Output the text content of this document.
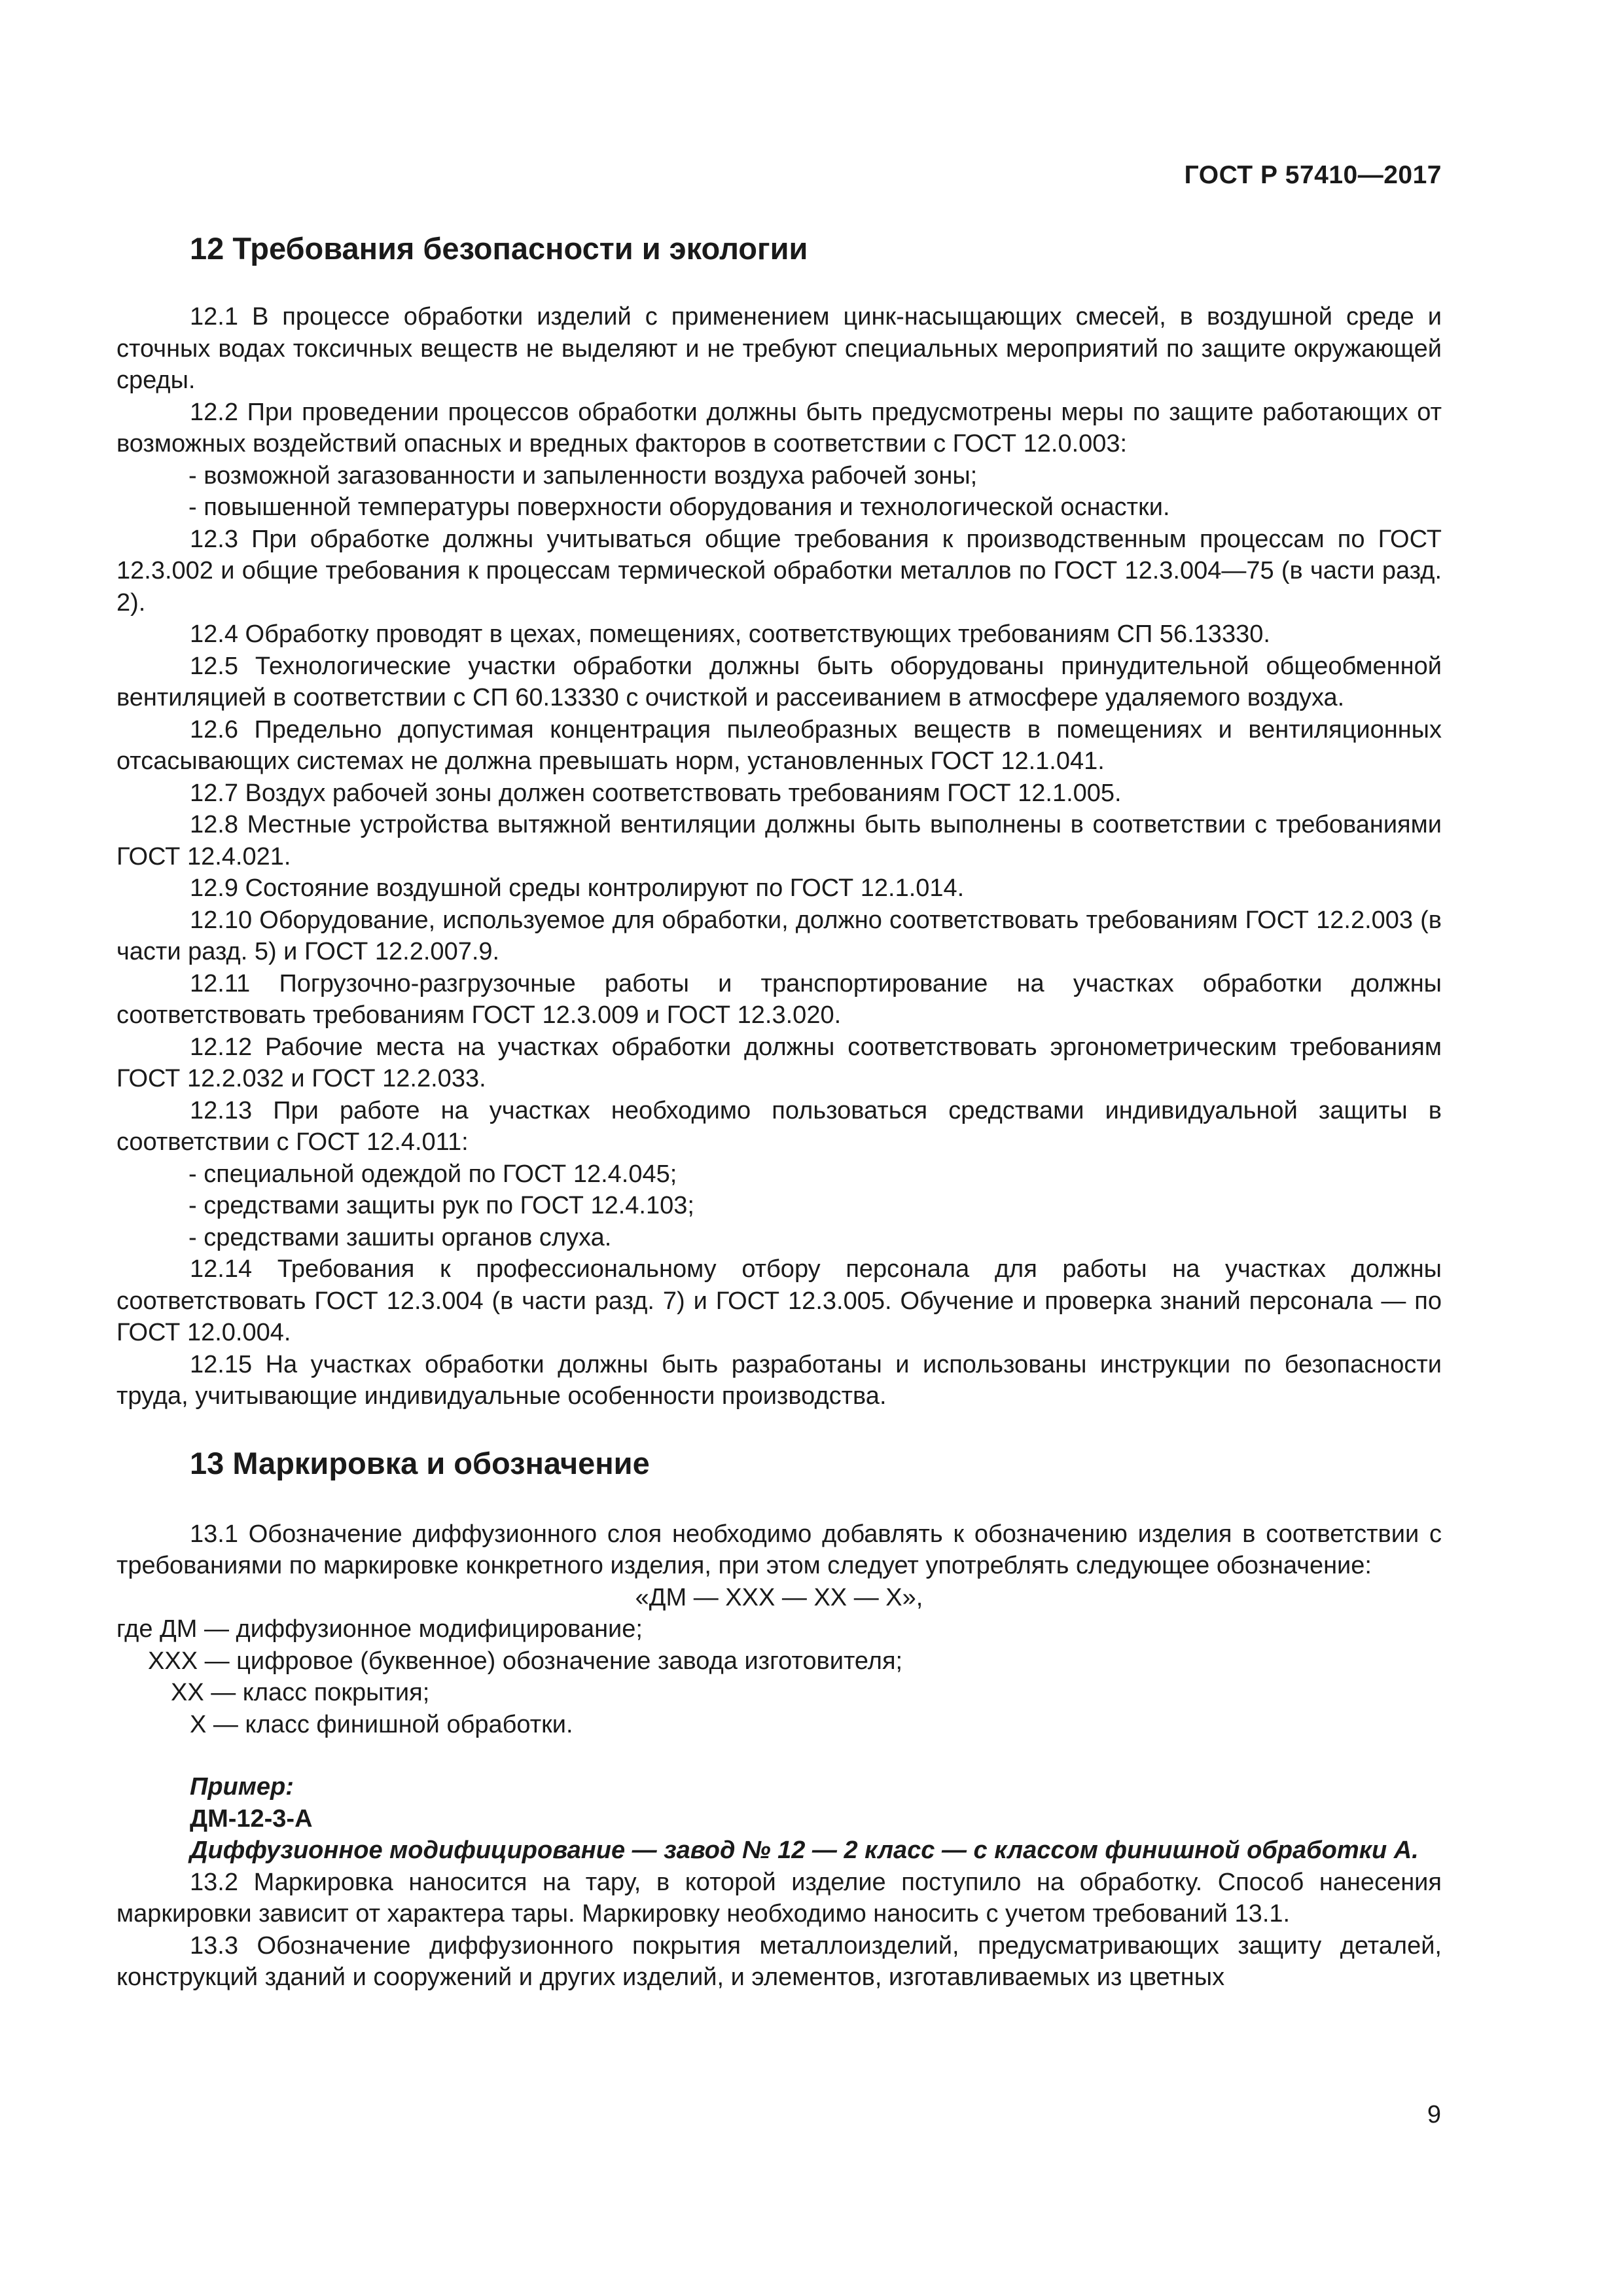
ГОСТ Р 57410—2017
12 Требования безопасности и экологии

12.1 В процессе обработки изделий с применением цинк-насыщающих смесей, в воздушной среде и сточных водах токсичных веществ не выделяют и не требуют специальных мероприятий по защите окружающей среды.

12.2 При проведении процессов обработки должны быть предусмотрены меры по защите работающих от возможных воздействий опасных и вредных факторов в соответствии с ГОСТ 12.0.003:

- возможной загазованности и запыленности воздуха рабочей зоны;

- повышенной температуры поверхности оборудования и технологической оснастки.

12.3 При обработке должны учитываться общие требования к производственным процессам по ГОСТ 12.3.002 и общие требования к процессам термической обработки металлов по ГОСТ 12.3.004—75 (в части разд. 2).

12.4 Обработку проводят в цехах, помещениях, соответствующих требованиям СП 56.13330.

12.5 Технологические участки обработки должны быть оборудованы принудительной общеобменной вентиляцией в соответствии с СП 60.13330 с очисткой и рассеиванием в атмосфере удаляемого воздуха.

12.6 Предельно допустимая концентрация пылеобразных веществ в помещениях и вентиляционных отсасывающих системах не должна превышать норм, установленных ГОСТ 12.1.041.

12.7 Воздух рабочей зоны должен соответствовать требованиям ГОСТ 12.1.005.

12.8 Местные устройства вытяжной вентиляции должны быть выполнены в соответствии с требованиями ГОСТ 12.4.021.

12.9 Состояние воздушной среды контролируют по ГОСТ 12.1.014.

12.10 Оборудование, используемое для обработки, должно соответствовать требованиям ГОСТ 12.2.003 (в части разд. 5) и ГОСТ 12.2.007.9.

12.11 Погрузочно-разгрузочные работы и транспортирование на участках обработки должны соответствовать требованиям ГОСТ 12.3.009 и ГОСТ 12.3.020.

12.12 Рабочие места на участках обработки должны соответствовать эргонометрическим требованиям ГОСТ 12.2.032 и ГОСТ 12.2.033.

12.13 При работе на участках необходимо пользоваться средствами индивидуальной защиты в соответствии с ГОСТ 12.4.011:

- специальной одеждой по ГОСТ 12.4.045;

- средствами защиты рук по ГОСТ 12.4.103;

- средствами зашиты органов слуха.

12.14 Требования к профессиональному отбору персонала для работы на участках должны соответствовать ГОСТ 12.3.004 (в части разд. 7) и ГОСТ 12.3.005. Обучение и проверка знаний персонала — по ГОСТ 12.0.004.

12.15 На участках обработки должны быть разработаны и использованы инструкции по безопасности труда, учитывающие индивидуальные особенности производства.

13 Маркировка и обозначение

13.1 Обозначение диффузионного слоя необходимо добавлять к обозначению изделия в соответствии с требованиями по маркировке конкретного изделия, при этом следует употреблять следующее обозначение:

«ДМ — ХХХ — ХХ — Х»,

где ДМ — диффузионное модифицирование;

ХХХ — цифровое (буквенное) обозначение завода изготовителя;

ХХ — класс покрытия;

Х — класс финишной обработки.

Пример:

ДМ-12-3-А

Диффузионное модифицирование — завод № 12 — 2 класс — с классом финишной обработки А.

13.2 Маркировка наносится на тару, в которой изделие поступило на обработку. Способ нанесения маркировки зависит от характера тары. Маркировку необходимо наносить с учетом требований 13.1.

13.3 Обозначение диффузионного покрытия металлоизделий, предусматривающих защиту деталей, конструкций зданий и сооружений и других изделий, и элементов, изготавливаемых из цветных

9
